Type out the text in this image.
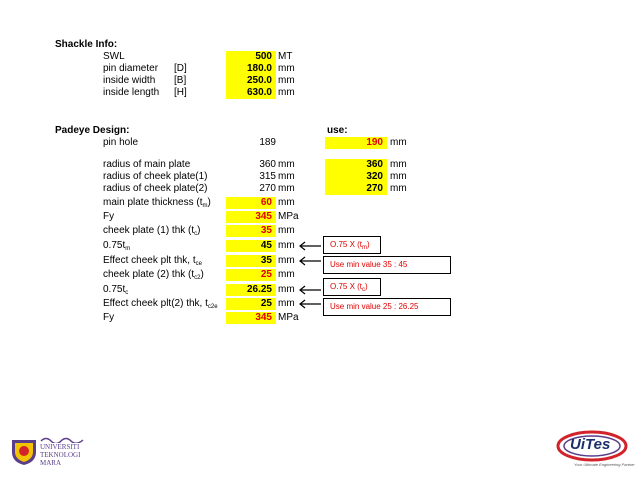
Shackle Info:
SWL	500 MT
pin diameter [D]	180.0 mm
inside width [B]	250.0 mm
inside length [H]	630.0 mm
Padeye Design:	use:
pin hole	189	190 mm
radius of main plate	360 mm	360 mm
radius of cheek plate(1)	315 mm	320 mm
radius of cheek plate(2)	270 mm	270 mm
main plate thickness $(t_m)$	60 mm
Fy	345 MPa
cheek plate (1) thk $(t_c)$	35 mm
$0.75t_m$	45 mm
Effect cheek plt thk, $t_{ce}$	35 mm
cheek plate (2) thk $(t_{c2})$	25 mm
$0.75t_c$	26.25 mm
Effect cheek plt(2) thk, $t_{c2e}$	25 mm
Fy	345 MPa
O.75 X $(t_m)$
Use min value 35 : 45
O.75 X $(t_c)$
Use min value 25 : 26.25
UNIVERSITI
TEKNOLOGI
MARA
UiTes
Your Ultimate Engineering Partner
